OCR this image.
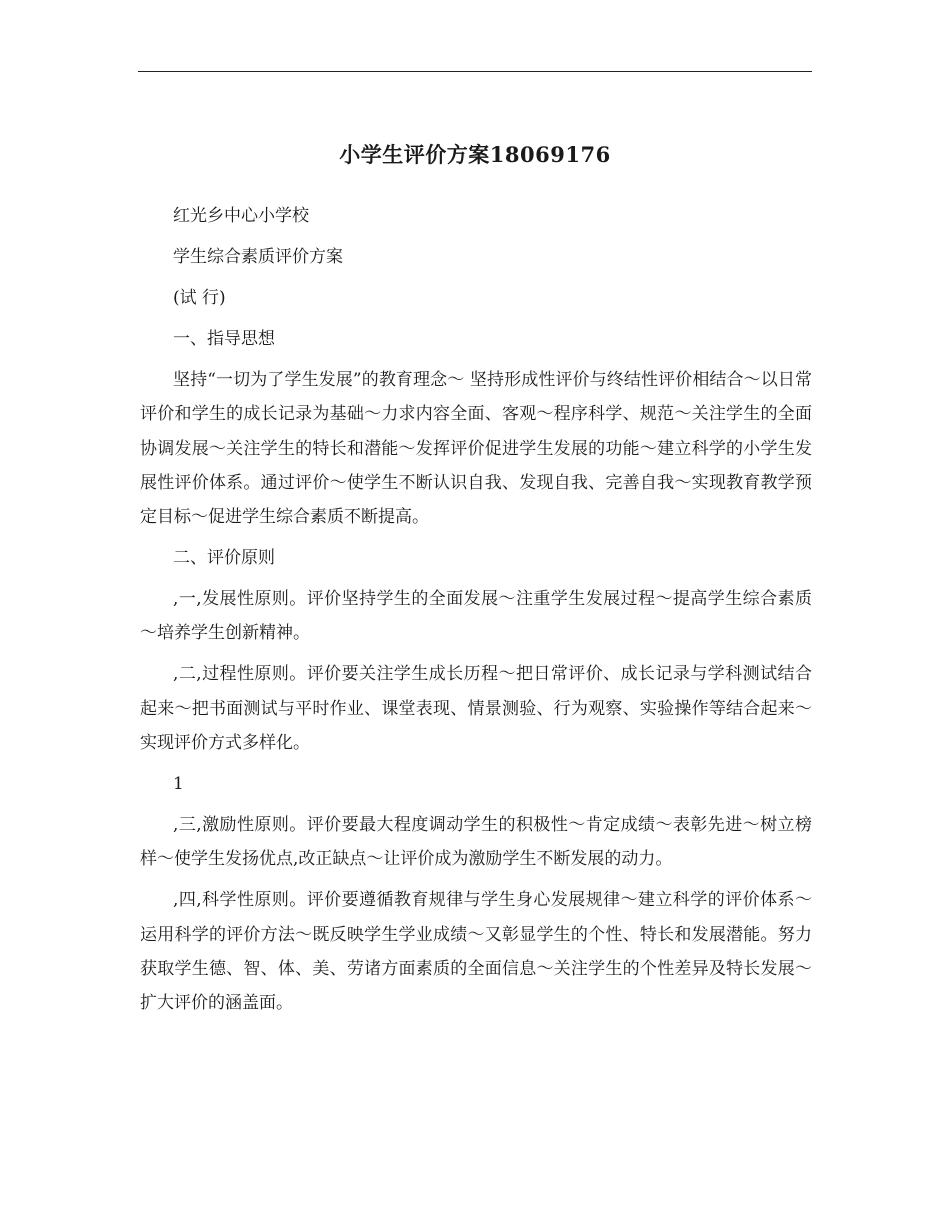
小学生评价方案18069176
红光乡中心小学校
学生综合素质评价方案
(试 行)
一、指导思想

坚持“一切为了学生发展”的教育理念～ 坚持形成性评价与终结性评价相结合～以日常评价和学生的成长记录为基础～力求内容全面、客观～程序科学、规范～关注学生的全面协调发展～关注学生的特长和潜能～发挥评价促进学生发展的功能～建立科学的小学生发展性评价体系。通过评价～使学生不断认识自我、发现自我、完善自我～实现教育教学预定目标～促进学生综合素质不断提高。

二、评价原则

,一,发展性原则。评价坚持学生的全面发展～注重学生发展过程～提高学生综合素质～培养学生创新精神。

,二,过程性原则。评价要关注学生成长历程～把日常评价、成长记录与学科测试结合起来～把书面测试与平时作业、课堂表现、情景测验、行为观察、实验操作等结合起来～实现评价方式多样化。

1

,三,激励性原则。评价要最大程度调动学生的积极性～肯定成绩～表彰先进～树立榜样～使学生发扬优点,改正缺点～让评价成为激励学生不断发展的动力。

,四,科学性原则。评价要遵循教育规律与学生身心发展规律～建立科学的评价体系～运用科学的评价方法～既反映学生学业成绩～又彰显学生的个性、特长和发展潜能。努力获取学生德、智、体、美、劳诸方面素质的全面信息～关注学生的个性差异及特长发展～扩大评价的涵盖面。
